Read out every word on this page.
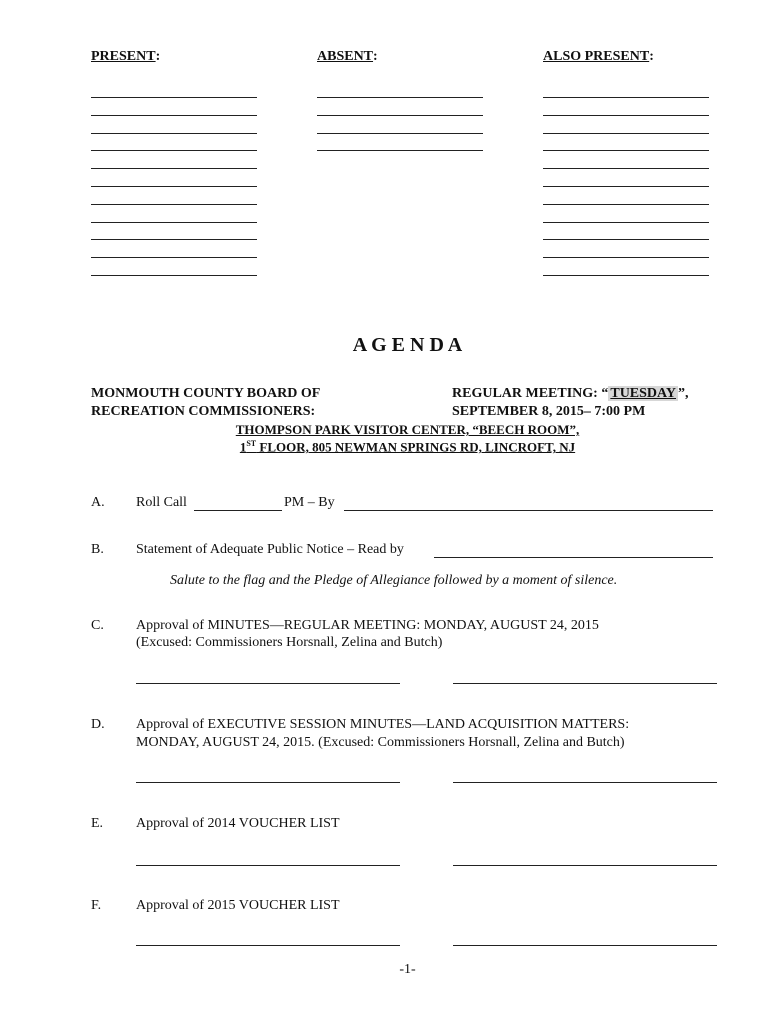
PRESENT:	ABSENT:	ALSO PRESENT:
A G E N D A
MONMOUTH COUNTY BOARD OF
RECREATION COMMISSIONERS:
REGULAR MEETING: “ TUESDAY ”,
SEPTEMBER 8, 2015– 7:00 PM
THOMPSON PARK VISITOR CENTER, “BEECH ROOM”,
1ST FLOOR, 805 NEWMAN SPRINGS RD, LINCROFT, NJ
A. Roll Call	PM – By
B. Statement of Adequate Public Notice – Read by
Salute to the flag and the Pledge of Allegiance followed by a moment of silence.
C. Approval of MINUTES—REGULAR MEETING: MONDAY, AUGUST 24, 2015
(Excused: Commissioners Horsnall, Zelina and Butch)
D. Approval of EXECUTIVE SESSION MINUTES—LAND ACQUISITION MATTERS:
MONDAY, AUGUST 24, 2015. (Excused: Commissioners Horsnall, Zelina and Butch)
E. Approval of 2014 VOUCHER LIST
F. Approval of 2015 VOUCHER LIST
-1-
